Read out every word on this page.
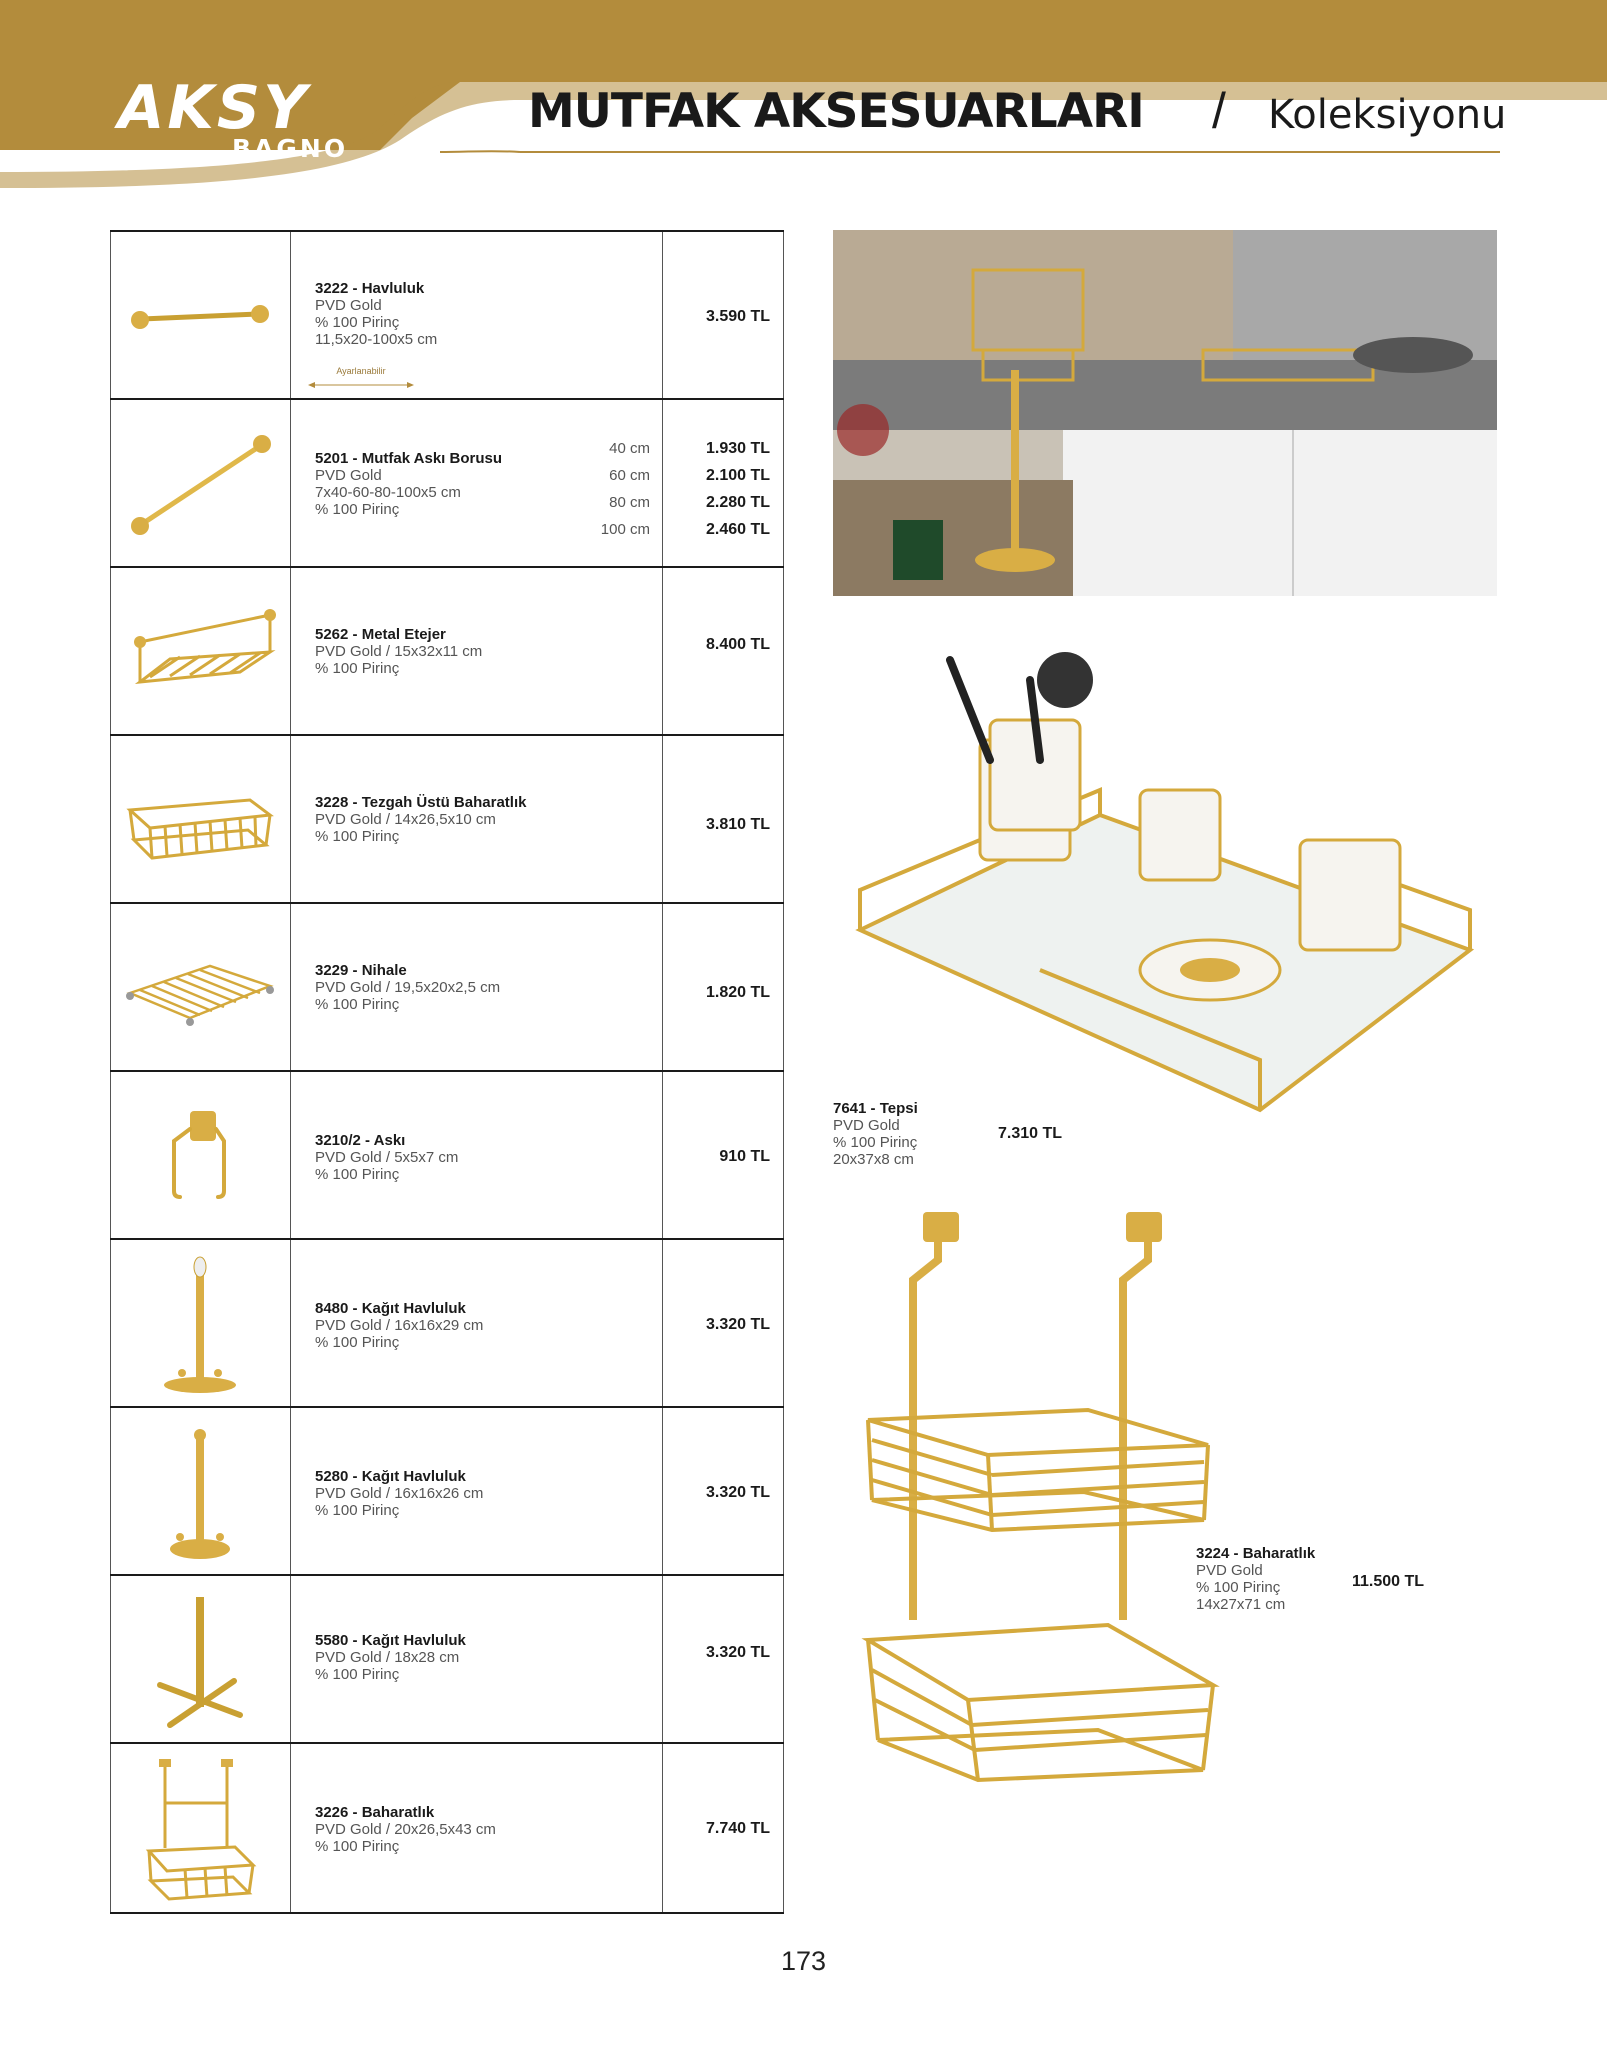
AKSY
BAGNO
MUTFAK AKSESUARLARI / Koleksiyonu
3222 - Havluluk
PVD Gold
% 100 Pirinç
11,5x20-100x5 cm
Ayarlanabilir
3.590 TL
5201 - Mutfak Askı Borusu
PVD Gold
7x40-60-80-100x5 cm
% 100 Pirinç
40 cm
60 cm
80 cm
100 cm
1.930 TL
2.100 TL
2.280 TL
2.460 TL
5262 - Metal Etejer
PVD Gold / 15x32x11 cm
% 100 Pirinç
8.400 TL
3228 - Tezgah Üstü Baharatlık
PVD Gold / 14x26,5x10 cm
% 100 Pirinç
3.810 TL
3229 - Nihale
PVD Gold / 19,5x20x2,5 cm
% 100 Pirinç
1.820 TL
3210/2 - Askı
PVD Gold / 5x5x7 cm
% 100 Pirinç
910 TL
8480 - Kağıt Havluluk
PVD Gold / 16x16x29 cm
% 100 Pirinç
3.320 TL
5280 - Kağıt Havluluk
PVD Gold / 16x16x26 cm
% 100 Pirinç
3.320 TL
5580 - Kağıt Havluluk
PVD Gold / 18x28 cm
% 100 Pirinç
3.320 TL
3226 - Baharatlık
PVD Gold / 20x26,5x43 cm
% 100 Pirinç
7.740 TL
7641 - Tepsi
PVD Gold
% 100 Pirinç
20x37x8 cm
7.310 TL
3224 - Baharatlık
PVD Gold
% 100 Pirinç
14x27x71 cm
11.500 TL
173
